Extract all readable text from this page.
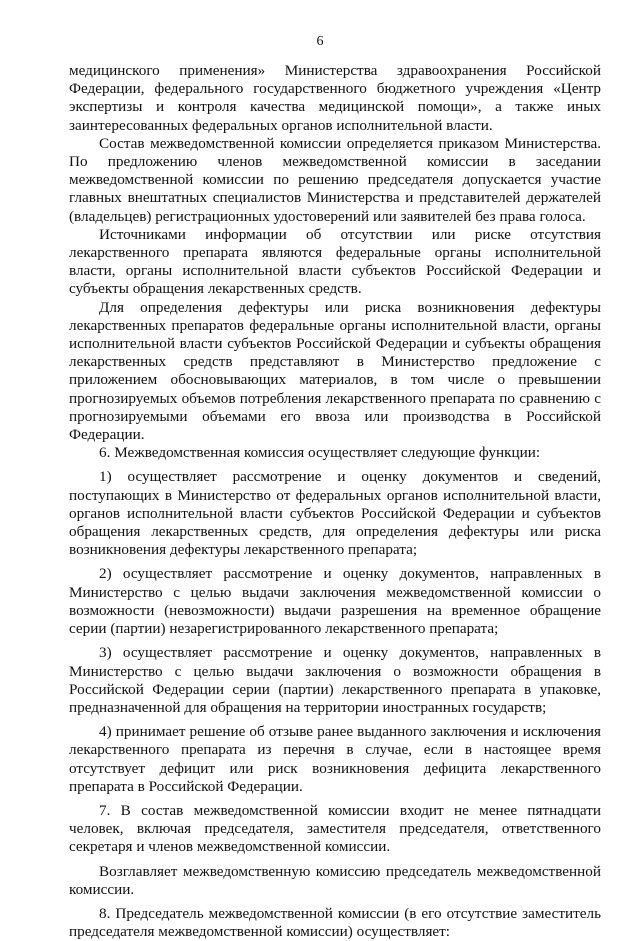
6

медицинского применения» Министерства здравоохранения Российской Федерации, федерального государственного бюджетного учреждения «Центр экспертизы и контроля качества медицинской помощи», а также иных заинтересованных федеральных органов исполнительной власти.

Состав межведомственной комиссии определяется приказом Министерства. По предложению членов межведомственной комиссии в заседании межведомственной комиссии по решению председателя допускается участие главных внештатных специалистов Министерства и представителей держателей (владельцев) регистрационных удостоверений или заявителей без права голоса.

Источниками информации об отсутствии или риске отсутствия лекарственного препарата являются федеральные органы исполнительной власти, органы исполнительной власти субъектов Российской Федерации и субъекты обращения лекарственных средств.

Для определения дефектуры или риска возникновения дефектуры лекарственных препаратов федеральные органы исполнительной власти, органы исполнительной власти субъектов Российской Федерации и субъекты обращения лекарственных средств представляют в Министерство предложение с приложением обосновывающих материалов, в том числе о превышении прогнозируемых объемов потребления лекарственного препарата по сравнению с прогнозируемыми объемами его ввоза или производства в Российской Федерации.

6. Межведомственная комиссия осуществляет следующие функции:

1) осуществляет рассмотрение и оценку документов и сведений, поступающих в Министерство от федеральных органов исполнительной власти, органов исполнительной власти субъектов Российской Федерации и субъектов обращения лекарственных средств, для определения дефектуры или риска возникновения дефектуры лекарственного препарата;

2) осуществляет рассмотрение и оценку документов, направленных в Министерство с целью выдачи заключения межведомственной комиссии о возможности (невозможности) выдачи разрешения на временное обращение серии (партии) незарегистрированного лекарственного препарата;

3) осуществляет рассмотрение и оценку документов, направленных в Министерство с целью выдачи заключения о возможности обращения в Российской Федерации серии (партии) лекарственного препарата в упаковке, предназначенной для обращения на территории иностранных государств;

4) принимает решение об отзыве ранее выданного заключения и исключения лекарственного препарата из перечня в случае, если в настоящее время отсутствует дефицит или риск возникновения дефицита лекарственного препарата в Российской Федерации.

7. В состав межведомственной комиссии входит не менее пятнадцати человек, включая председателя, заместителя председателя, ответственного секретаря и членов межведомственной комиссии.

Возглавляет межведомственную комиссию председатель межведомственной комиссии.

8. Председатель межведомственной комиссии (в его отсутствие заместитель председателя межведомственной комиссии) осуществляет:
